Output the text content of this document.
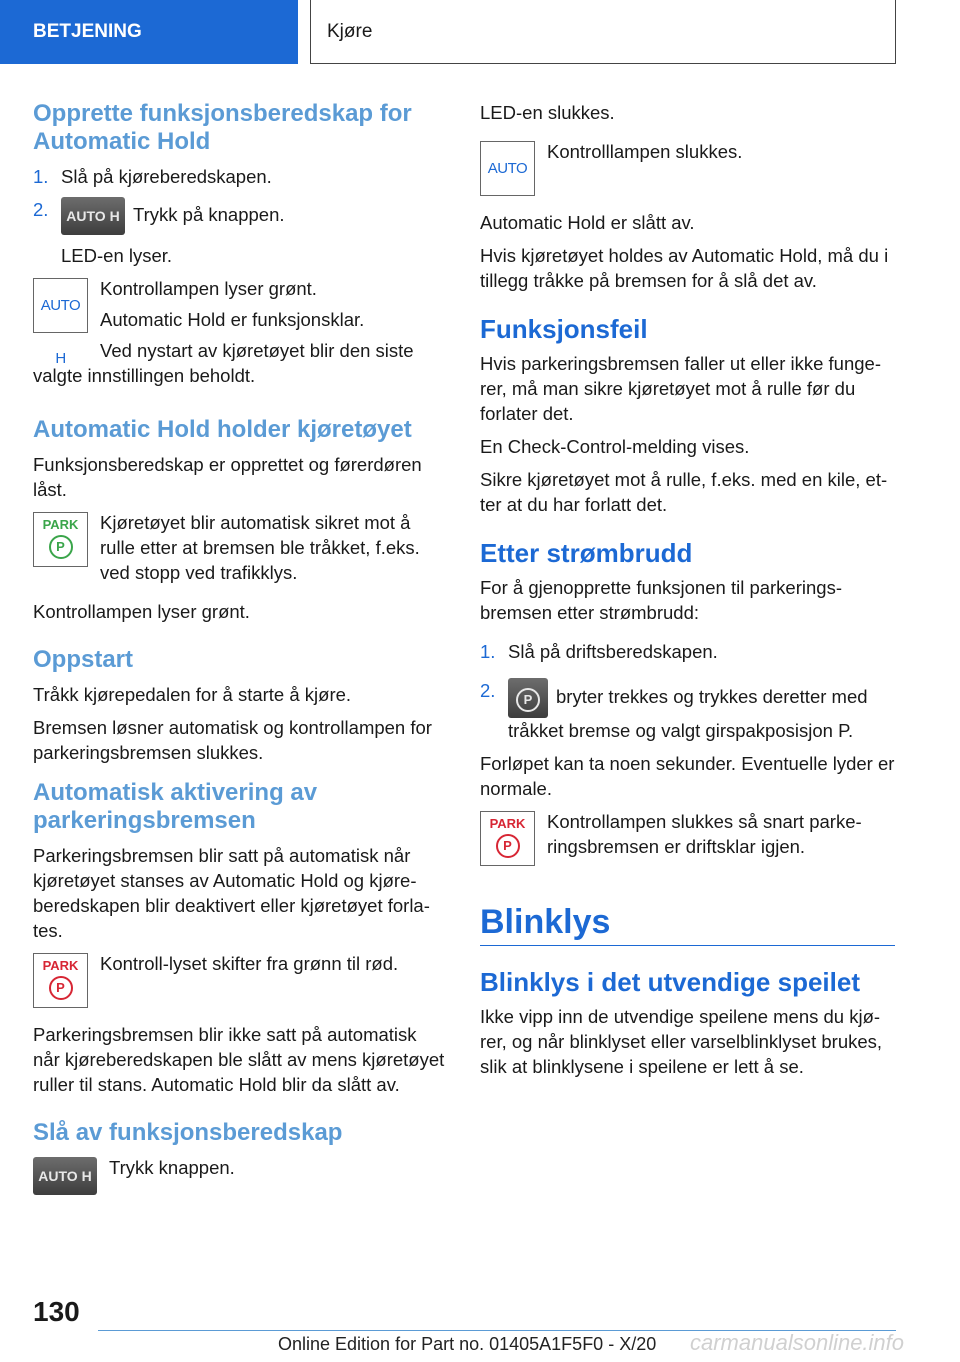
BETJENING	Kjøre
Opprette funksjonsberedskap for Automatic Hold
1. Slå på kjøreberedskapen.
2. AUTO H Trykk på knappen.

LED-en lyser.

AUTO H

Kontrollampen lyser grønt.

Automatic Hold er funksjonsklar.

Ved nystart av kjøretøyet blir den siste valgte innstillingen beholdt.

Automatic Hold holder kjøretøyet

Funksjonsberedskap er opprettet og førerdøren låst.

PARK
P

Kjøretøyet blir automatisk sikret mot å rulle etter at bremsen ble tråkket, f.eks. ved stopp ved trafikklys.

Kontrollampen lyser grønt.

Oppstart

Tråkk kjørepedalen for å starte å kjøre.

Bremsen løsner automatisk og kontrollampen for parkeringsbremsen slukkes.

Automatisk aktivering av parkeringsbremsen

Parkeringsbremsen blir satt på automatisk når kjøretøyet stanses av Automatic Hold og kjøreberedskapen blir deaktivert eller kjøretøyet forlates.

PARK
P

Kontroll-lyset skifter fra grønn til rød.

Parkeringsbremsen blir ikke satt på automatisk når kjøreberedskapen ble slått av mens kjøretøyet ruller til stans. Automatic Hold blir da slått av.

Slå av funksjonsberedskap
AUTO H Trykk knappen.

LED-en slukkes.

AUTO

Kontrolllampen slukkes.

Automatic Hold er slått av.

Hvis kjøretøyet holdes av Automatic Hold, må du i tillegg tråkke på bremsen for å slå det av.

Funksjonsfeil

Hvis parkeringsbremsen faller ut eller ikke fungerer, må man sikre kjøretøyet mot å rulle før du forlater det.

En Check-Control-melding vises.

Sikre kjøretøyet mot å rulle, f.eks. med en kile, etter at du har forlatt det.

Etter strømbrudd

For å gjenopprette funksjonen til parkeringsbremsen etter strømbrudd:

1. Slå på driftsberedskapen.
2. P bryter trekkes og trykkes deretter med tråkket bremse og valgt girspakposisjon P.

Forløpet kan ta noen sekunder. Eventuelle lyder er normale.

PARK
P

Kontrollampen slukkes så snart parkeringsbremsen er driftsklar igjen.

Blinklys
Blinklys i det utvendige speilet

Ikke vipp inn de utvendige speilene mens du kjører, og når blinklyset eller varselblinklyset brukes, slik at blinklysene i speilene er lett å se.

130
Online Edition for Part no. 01405A1F5F0 - X/20 carmanualsonline.info
